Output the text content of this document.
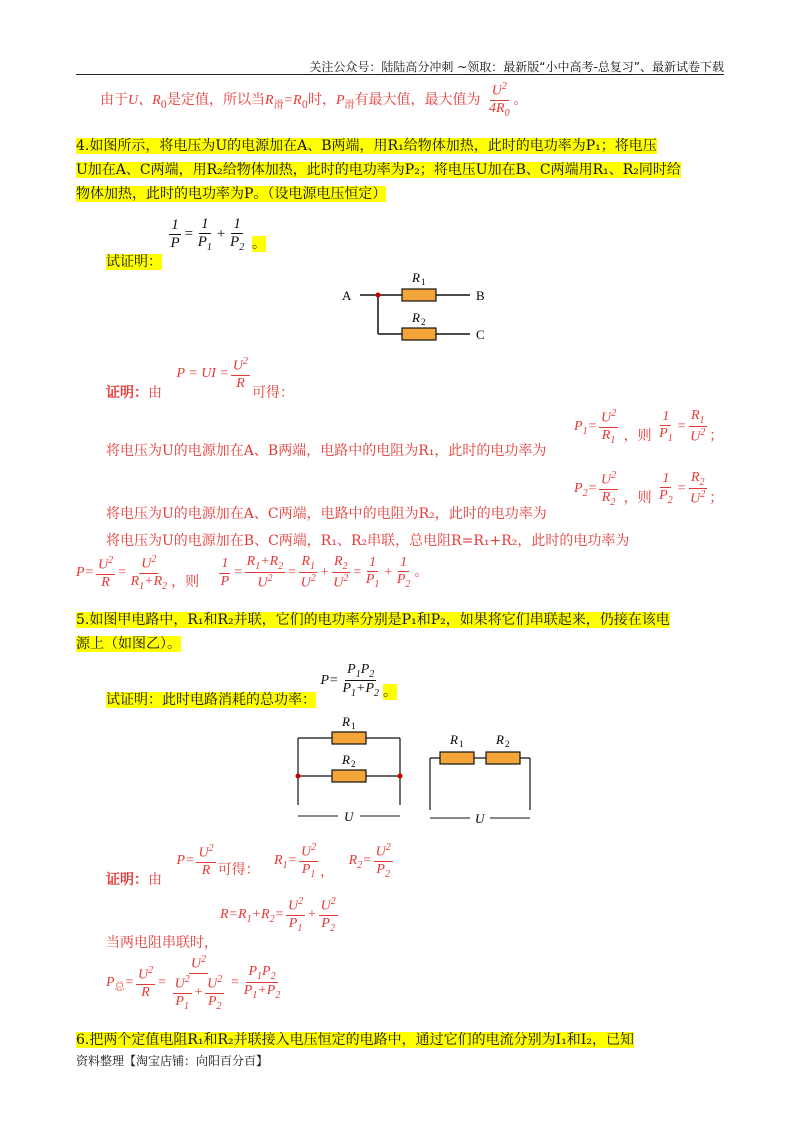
关注公众号：陆陆高分冲刺 ~领取：最新版“小中高考-总复习”、最新试卷下载
由于U、$R_0$是定值，所以当$R_滑=R_0$时，$P_滑$有最大值，最大值为 $\frac{U^2}{4R_0}$ 。
4.如图所示，将电压为U的电源加在A、B两端，用R₁给物体加热，此时的电功率为P₁；将电压
U加在A、C两端，用R₂给物体加热，此时的电功率为P₂；将电压U加在B、C两端用R₁、R₂同时给
物体加热，此时的电功率为P。（设电源电压恒定）
试证明：
$\frac{1}{P} = \frac{1}{P_1} + \frac{1}{P_2}$ 。
A	B
C
R 1
R 2
证明：由 P = UI = $\frac{U^2}{R}$
可得：
$P_1= \frac{U^2}{R_1}$ ，则 $\frac{1}{P_1} = \frac{R_1}{U^2}$ ；
将电压为U的电源加在A、B两端，电路中的电阻为R₁，此时的电功率为
$P_2= \frac{U^2}{R_2}$ ，则 $\frac{1}{P_2} = \frac{R_2}{U^2}$ ；
将电压为U的电源加在A、C两端，电路中的电阻为R₂，此时的电功率为
将电压为U的电源加在B、C两端，R₁、R₂串联，总电阻R=R₁+R₂，此时的电功率为
$P= \frac{U^2}{R} = \frac{U^2}{R_1+R_2}$ ，则 $\frac{1}{P} = \frac{R_1+R_2}{U^2} = \frac{R_1}{U^2} + \frac{R_2}{U^2} = \frac{1}{P_1} + \frac{1}{P_2}$ 。
5.如图甲电路中，R₁和R₂并联，它们的电功率分别是P₁和P₂，如果将它们串联起来，仍接在该电
源上（如图乙）。
试证明：此时电路消耗的总功率： $P= \frac{P_1P_2}{P_1+P_2}$ 。
R 1
R 2
U
R 1	R 2
U
证明：由 $P= \frac{U^2}{R}$ 可得： $R_1= \frac{U^2}{P_1}$ ， $R_2= \frac{U^2}{P_2}$
$R=R_1+R_2= \frac{U^2}{P_1} + \frac{U^2}{P_2}$
当两电阻串联时，
$P_总= \frac{U^2}{R} = \frac{U^2}{\frac{U^2}{P_1} + \frac{U^2}{P_2}} = \frac{P_1P_2}{P_1+P_2}$
6.把两个定值电阻R₁和R₂并联接入电压恒定的电路中，通过它们的电流分别为I₁和I₂，已知
资料整理【淘宝店铺：向阳百分百】
